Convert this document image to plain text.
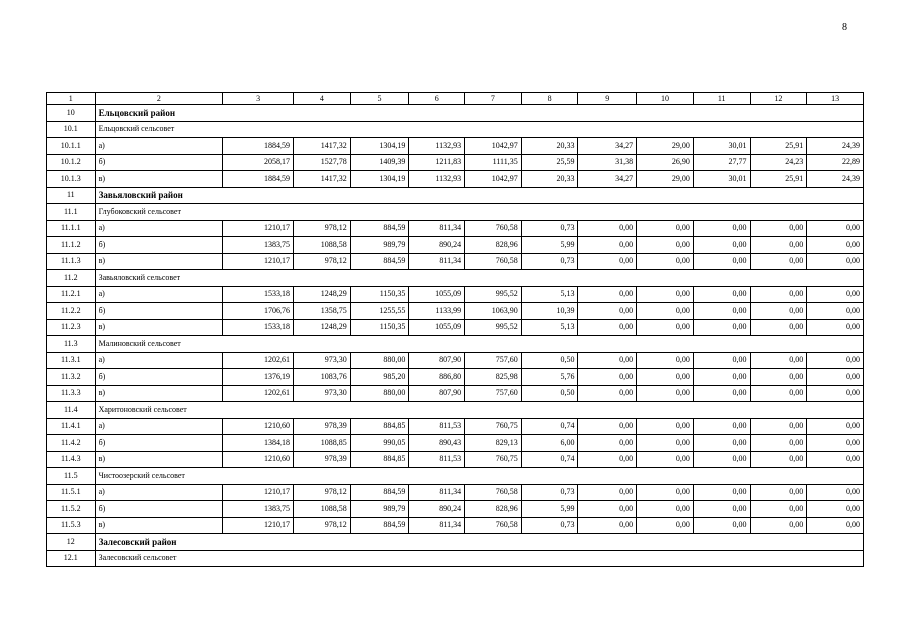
8
1	2	3	4	5	6	7	8	9	10	11	12	13
10	Ельцовский район											
10.1	Ельцовский сельсовет											
10.1.1	а)	1884,59	1417,32	1304,19	1132,93	1042,97	20,33	34,27	29,00	30,01	25,91	24,39
10.1.2	б)	2058,17	1527,78	1409,39	1211,83	1111,35	25,59	31,38	26,90	27,77	24,23	22,89
10.1.3	в)	1884,59	1417,32	1304,19	1132,93	1042,97	20,33	34,27	29,00	30,01	25,91	24,39
11	Завьяловский район											
11.1	Глубоковский сельсовет											
11.1.1	а)	1210,17	978,12	884,59	811,34	760,58	0,73	0,00	0,00	0,00	0,00	0,00
11.1.2	б)	1383,75	1088,58	989,79	890,24	828,96	5,99	0,00	0,00	0,00	0,00	0,00
11.1.3	в)	1210,17	978,12	884,59	811,34	760,58	0,73	0,00	0,00	0,00	0,00	0,00
11.2	Завьяловский сельсовет											
11.2.1	а)	1533,18	1248,29	1150,35	1055,09	995,52	5,13	0,00	0,00	0,00	0,00	0,00
11.2.2	б)	1706,76	1358,75	1255,55	1133,99	1063,90	10,39	0,00	0,00	0,00	0,00	0,00
11.2.3	в)	1533,18	1248,29	1150,35	1055,09	995,52	5,13	0,00	0,00	0,00	0,00	0,00
11.3	Малиновский сельсовет											
11.3.1	а)	1202,61	973,30	880,00	807,90	757,60	0,50	0,00	0,00	0,00	0,00	0,00
11.3.2	б)	1376,19	1083,76	985,20	886,80	825,98	5,76	0,00	0,00	0,00	0,00	0,00
11.3.3	в)	1202,61	973,30	880,00	807,90	757,60	0,50	0,00	0,00	0,00	0,00	0,00
11.4	Харитоновский сельсовет											
11.4.1	а)	1210,60	978,39	884,85	811,53	760,75	0,74	0,00	0,00	0,00	0,00	0,00
11.4.2	б)	1384,18	1088,85	990,05	890,43	829,13	6,00	0,00	0,00	0,00	0,00	0,00
11.4.3	в)	1210,60	978,39	884,85	811,53	760,75	0,74	0,00	0,00	0,00	0,00	0,00
11.5	Чистоозерский сельсовет											
11.5.1	а)	1210,17	978,12	884,59	811,34	760,58	0,73	0,00	0,00	0,00	0,00	0,00
11.5.2	б)	1383,75	1088,58	989,79	890,24	828,96	5,99	0,00	0,00	0,00	0,00	0,00
11.5.3	в)	1210,17	978,12	884,59	811,34	760,58	0,73	0,00	0,00	0,00	0,00	0,00
12	Залесовский район											
12.1	Залесовский сельсовет											
